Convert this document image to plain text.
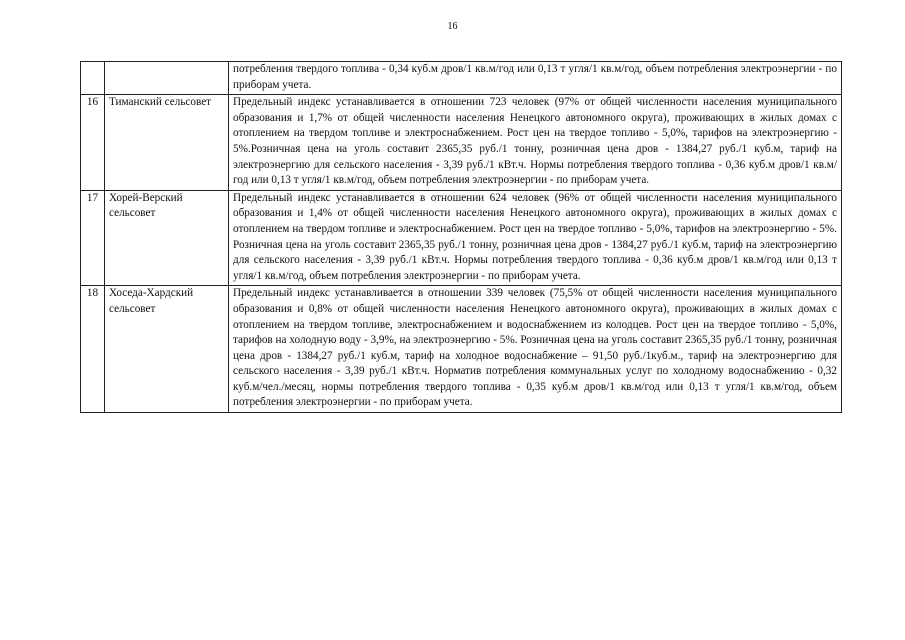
16
		потребления твердого топлива - 0,34 куб.м дров/1 кв.м/год или 0,13 т угля/1 кв.м/год, объем потребления электроэнергии - по приборам учета.
16	Тиманский сельсовет	Предельный индекс устанавливается в отношении 723 человек (97% от общей численности населения муниципального образования и 1,7% от общей численности населения Ненецкого автономного округа), проживающих в жилых домах с отоплением на твердом топливе и электроснабжением. Рост цен на твердое топливо - 5,0%, тарифов на электроэнергию - 5%.Розничная цена на уголь составит 2365,35 руб./1 тонну, розничная цена дров - 1384,27 руб./1 куб.м, тариф на электроэнергию для сельского населения - 3,39 руб./1 кВт.ч. Нормы потребления твердого топлива - 0,36 куб.м дров/1 кв.м/год или 0,13 т угля/1 кв.м/год, объем потребления электроэнергии - по приборам учета.
17	Хорей-Верский сельсовет	Предельный индекс устанавливается в отношении 624 человек (96% от общей численности населения муниципального образования и 1,4% от общей численности населения Ненецкого автономного округа), проживающих в жилых домах с отоплением на твердом топливе и электроснабжением. Рост цен на твердое топливо - 5,0%, тарифов на электроэнергию - 5%. Розничная цена на уголь составит 2365,35 руб./1 тонну, розничная цена дров - 1384,27 руб./1 куб.м, тариф на электроэнергию для сельского населения - 3,39 руб./1 кВт.ч. Нормы потребления твердого топлива - 0,36 куб.м дров/1 кв.м/год или 0,13 т угля/1 кв.м/год, объем потребления электроэнергии - по приборам учета.
18	Хоседа-Хардский сельсовет	Предельный индекс устанавливается в отношении 339 человек (75,5% от общей численности населения муниципального образования и 0,8% от общей численности населения Ненецкого автономного округа), проживающих в жилых домах с отоплением на твердом топливе, электроснабжением и водоснабжением из колодцев. Рост цен на твердое топливо - 5,0%, тарифов на холодную воду - 3,9%, на электроэнергию - 5%. Розничная цена на уголь составит 2365,35 руб./1 тонну, розничная цена дров - 1384,27 руб./1 куб.м, тариф на холодное водоснабжение – 91,50 руб./1куб.м., тариф на электроэнергию для сельского населения - 3,39 руб./1 кВт.ч. Норматив потребления коммунальных услуг по холодному водоснабжению - 0,32 куб.м/чел./месяц, нормы потребления твердого топлива - 0,35 куб.м дров/1 кв.м/год или 0,13 т угля/1 кв.м/год, объем потребления электроэнергии - по приборам учета.
